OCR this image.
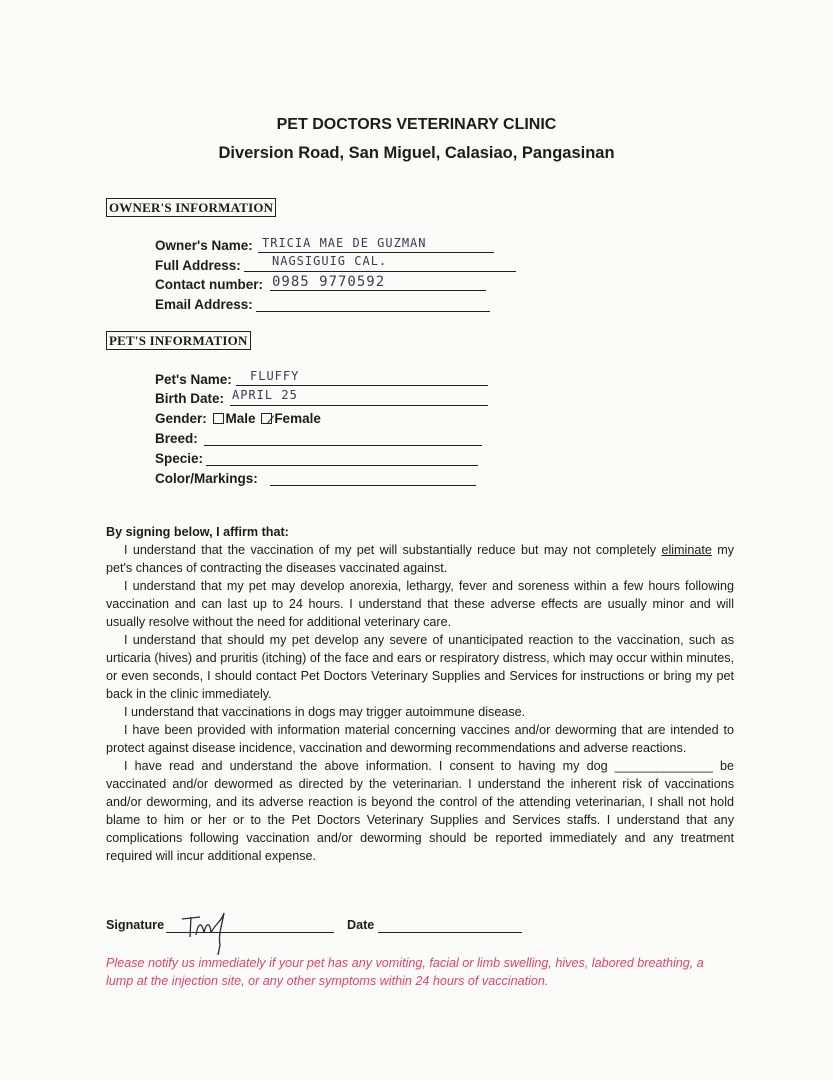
PET DOCTORS VETERINARY CLINIC
Diversion Road, San Miguel, Calasiao, Pangasinan
OWNER'S INFORMATION
Owner's Name: TRICIA MAE DE GUZMAN
Full Address:	NAGSIGUIG CAL.
Contact number: 0985 9770592
Email Address:
PET'S INFORMATION
Pet's Name: FLUFFY
Birth Date: APRIL 25
Gender: Male Female
Breed:
Specie:
Color/Markings:

By signing below, I affirm that:

I understand that the vaccination of my pet will substantially reduce but may not completely eliminate my pet's chances of contracting the diseases vaccinated against.

I understand that my pet may develop anorexia, lethargy, fever and soreness within a few hours following vaccination and can last up to 24 hours. I understand that these adverse effects are usually minor and will usually resolve without the need for additional veterinary care.

I understand that should my pet develop any severe of unanticipated reaction to the vaccination, such as urticaria (hives) and pruritis (itching) of the face and ears or respiratory distress, which may occur within minutes, or even seconds, I should contact Pet Doctors Veterinary Supplies and Services for instructions or bring my pet back in the clinic immediately.

I understand that vaccinations in dogs may trigger autoimmune disease.

I have been provided with information material concerning vaccines and/or deworming that are intended to protect against disease incidence, vaccination and deworming recommendations and adverse reactions.

I have read and understand the above information. I consent to having my dog ______________ be vaccinated and/or dewormed as directed by the veterinarian. I understand the inherent risk of vaccinations and/or deworming, and its adverse reaction is beyond the control of the attending veterinarian, I shall not hold blame to him or her or to the Pet Doctors Veterinary Supplies and Services staffs. I understand that any complications following vaccination and/or deworming should be reported immediately and any treatment required will incur additional expense.

Signature	Date
Please notify us immediately if your pet has any vomiting, facial or limb swelling, hives, labored breathing, a lump at the injection site, or any other symptoms within 24 hours of vaccination.
